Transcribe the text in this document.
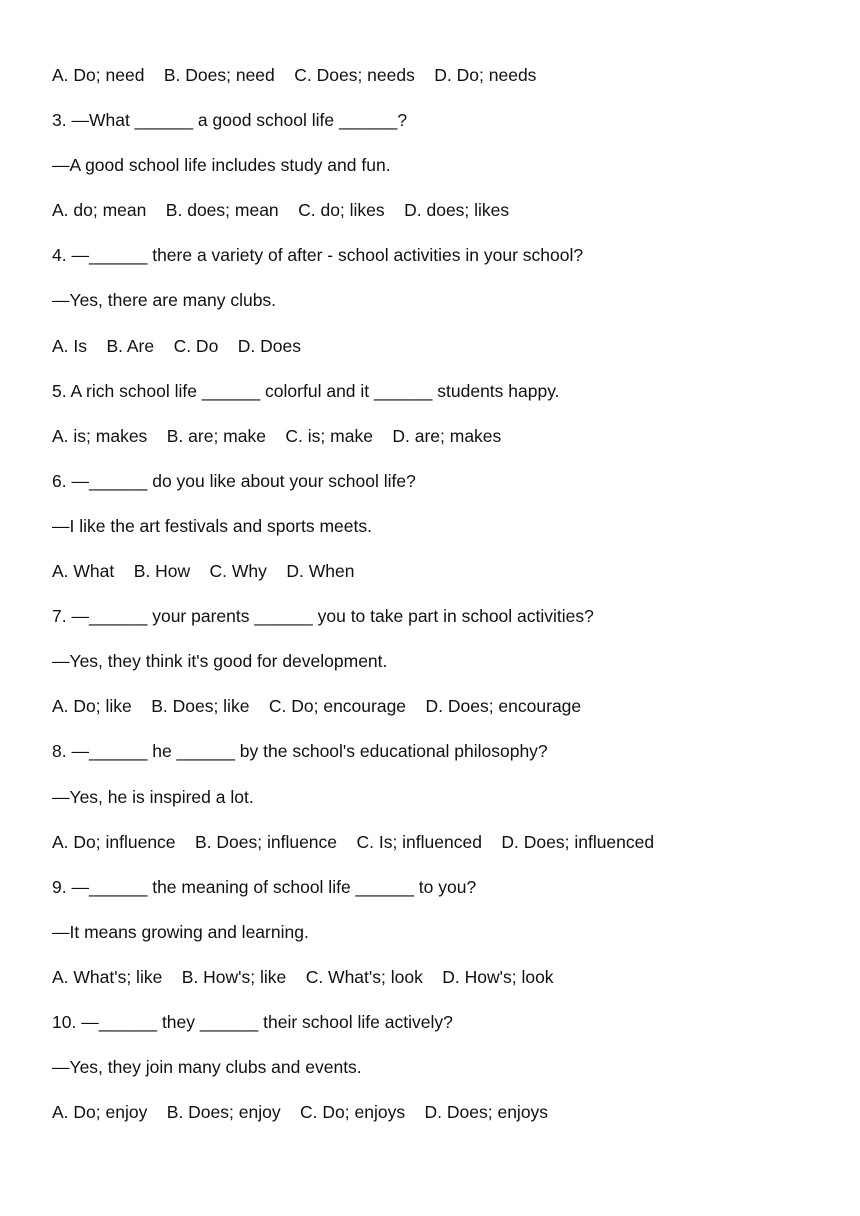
A. Do; need    B. Does; need    C. Does; needs    D. Do; needs
3. —What ______ a good school life ______?
—A good school life includes study and fun.
A. do; mean    B. does; mean    C. do; likes    D. does; likes
4. —______ there a variety of after - school activities in your school?
—Yes, there are many clubs.
A. Is    B. Are    C. Do    D. Does
5. A rich school life ______ colorful and it ______ students happy.
A. is; makes    B. are; make    C. is; make    D. are; makes
6. —______ do you like about your school life?
—I like the art festivals and sports meets.
A. What    B. How    C. Why    D. When
7. —______ your parents ______ you to take part in school activities?
—Yes, they think it's good for development.
A. Do; like    B. Does; like    C. Do; encourage    D. Does; encourage
8. —______ he ______ by the school's educational philosophy?
—Yes, he is inspired a lot.
A. Do; influence    B. Does; influence    C. Is; influenced    D. Does; influenced
9. —______ the meaning of school life ______ to you?
—It means growing and learning.
A. What's; like    B. How's; like    C. What's; look    D. How's; look
10. —______ they ______ their school life actively?
—Yes, they join many clubs and events.
A. Do; enjoy    B. Does; enjoy    C. Do; enjoys    D. Does; enjoys
